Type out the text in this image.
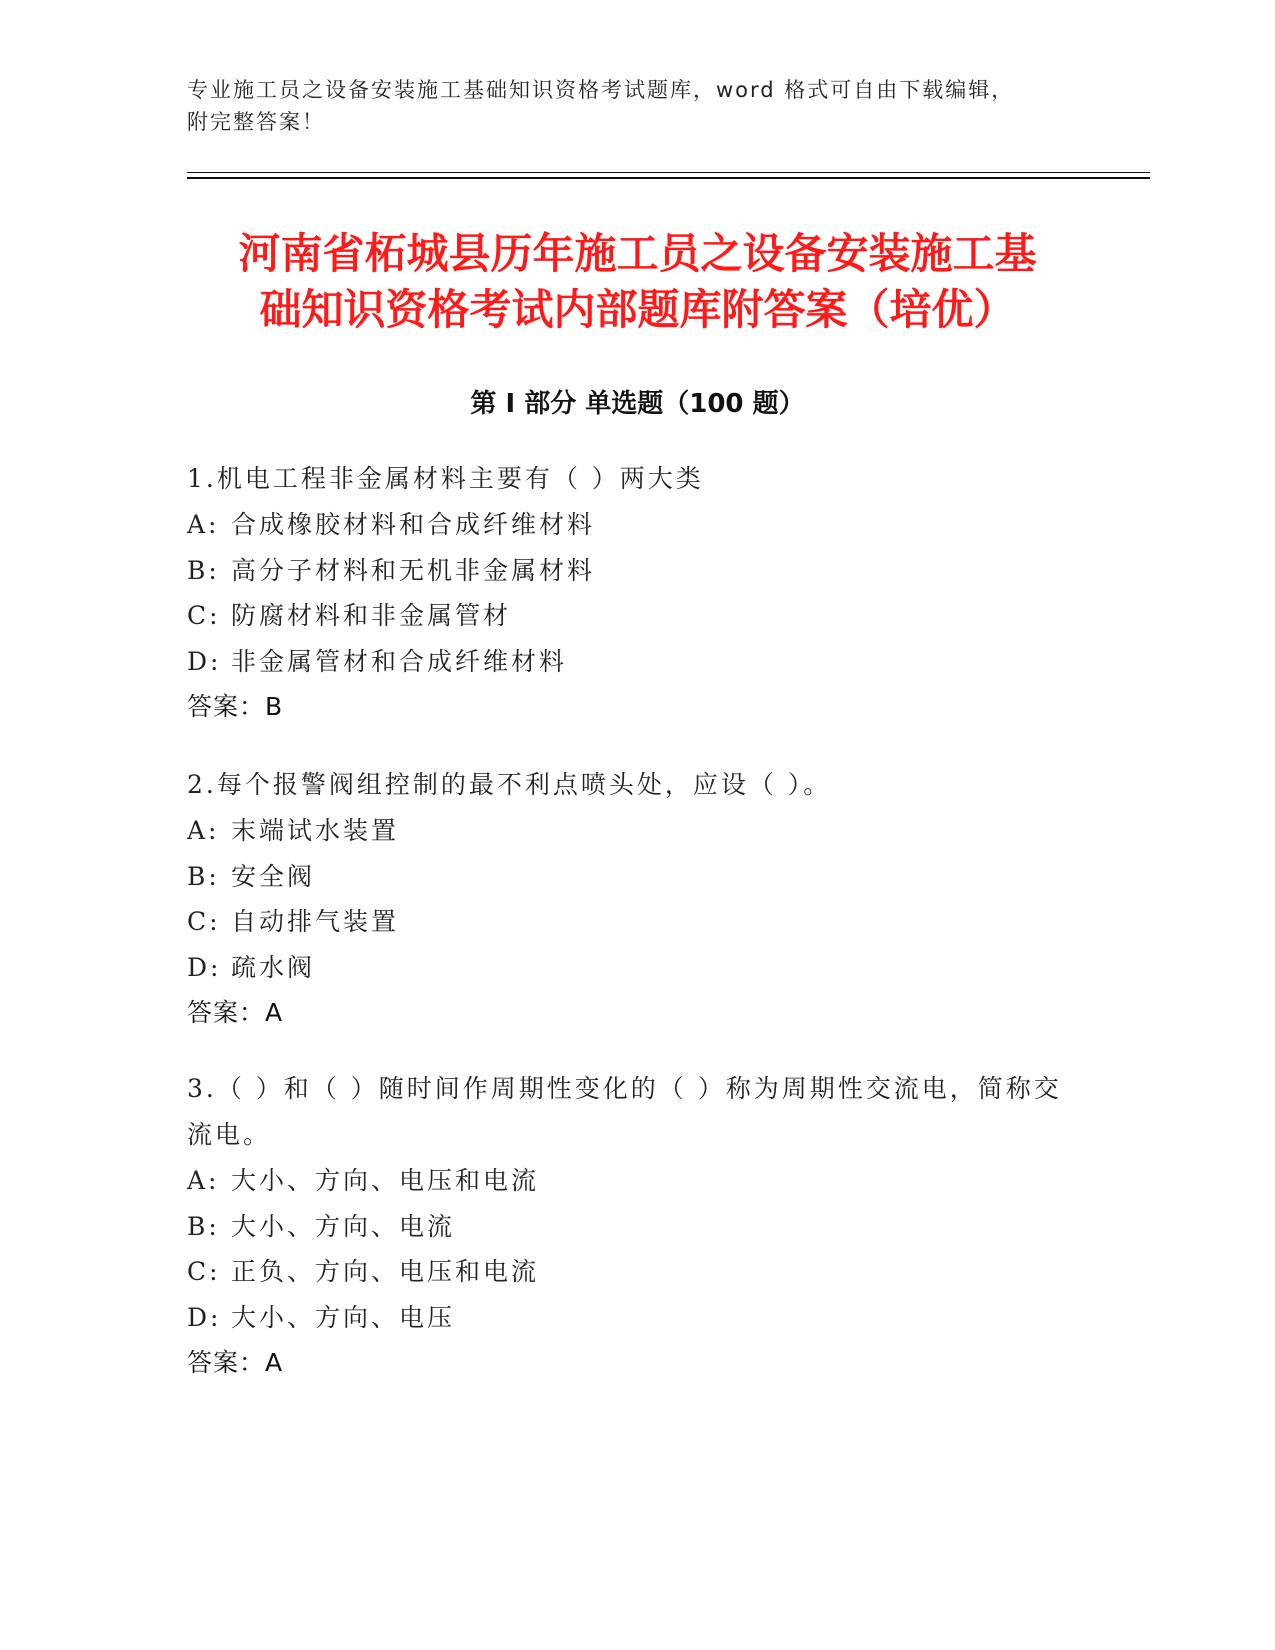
专业施工员之设备安装施工基础知识资格考试题库，word 格式可自由下载编辑，
附完整答案！
河南省柘城县历年施工员之设备安装施工基
础知识资格考试内部题库附答案（培优）
第 I 部分 单选题（100 题）
1.机电工程非金属材料主要有（ ）两大类
A: 合成橡胶材料和合成纤维材料
B: 高分子材料和无机非金属材料
C: 防腐材料和非金属管材
D: 非金属管材和合成纤维材料
答案：B
2.每个报警阀组控制的最不利点喷头处，应设（ ）。
A: 末端试水装置
B: 安全阀
C: 自动排气装置
D: 疏水阀
答案：A
3.（ ）和（ ）随时间作周期性变化的（ ）称为周期性交流电，简称交流电。
A: 大小、方向、电压和电流
B: 大小、方向、电流
C: 正负、方向、电压和电流
D: 大小、方向、电压
答案：A
